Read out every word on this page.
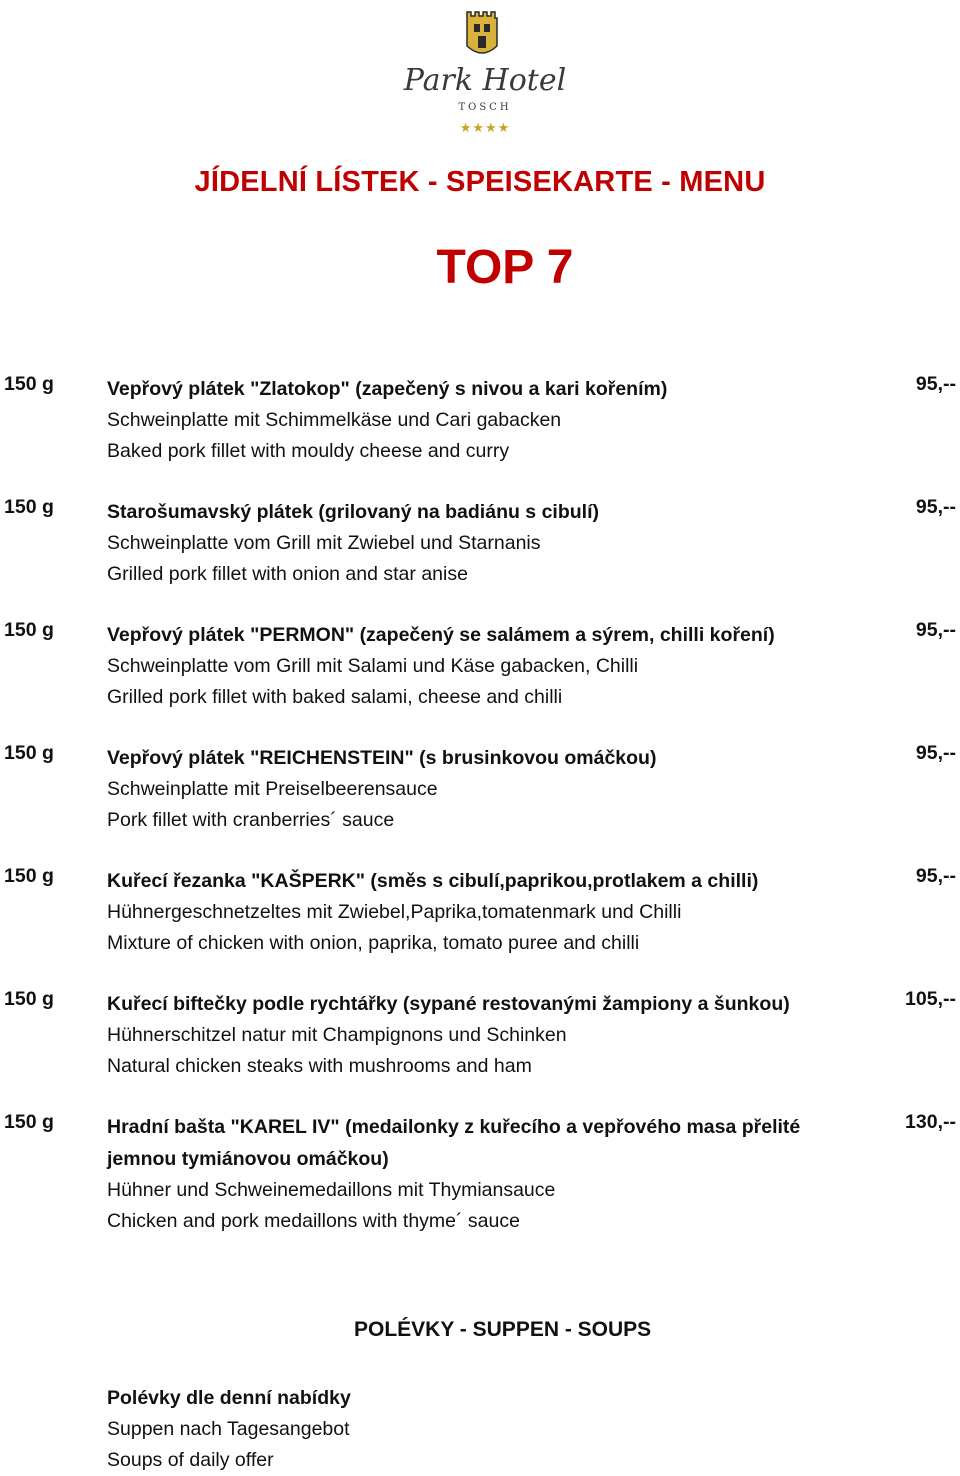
Park Hotel
TOSCH
★★★★
JÍDELNÍ LÍSTEK - SPEISEKARTE - MENU
TOP 7
150 g	95,--
Vepřový plátek "Zlatokop" (zapečený s nivou a kari kořením)
Schweinplatte mit Schimmelkäse und Cari gabacken
Baked pork fillet with mouldy cheese and curry
150 g	95,--
Starošumavský plátek (grilovaný na badiánu s cibulí)
Schweinplatte vom Grill mit Zwiebel und Starnanis
Grilled pork fillet with onion and star anise
150 g	95,--
Vepřový plátek "PERMON" (zapečený se salámem a sýrem, chilli koření)
Schweinplatte vom Grill mit Salami und Käse gabacken, Chilli
Grilled pork fillet with baked salami, cheese and chilli
150 g	95,--
Vepřový plátek "REICHENSTEIN" (s brusinkovou omáčkou)
Schweinplatte mit Preiselbeerensauce
Pork fillet with cranberries´ sauce
150 g	95,--
Kuřecí řezanka "KAŠPERK" (směs s cibulí,paprikou,protlakem a chilli)
Hühnergeschnetzeltes mit Zwiebel,Paprika,tomatenmark und Chilli
Mixture of chicken with onion, paprika, tomato puree and chilli
150 g	105,--
Kuřecí biftečky podle rychtářky (sypané restovanými žampiony a šunkou)
Hühnerschitzel natur mit Champignons und Schinken
Natural chicken steaks with mushrooms and ham
150 g	130,--
Hradní bašta "KAREL IV" (medailonky z kuřecího a vepřového masa přelité jemnou tymiánovou omáčkou)
Hühner und Schweinemedaillons mit Thymiansauce
Chicken and pork medaillons with thyme´ sauce
POLÉVKY - SUPPEN - SOUPS
Polévky dle denní nabídky
Suppen nach Tagesangebot
Soups of daily offer
